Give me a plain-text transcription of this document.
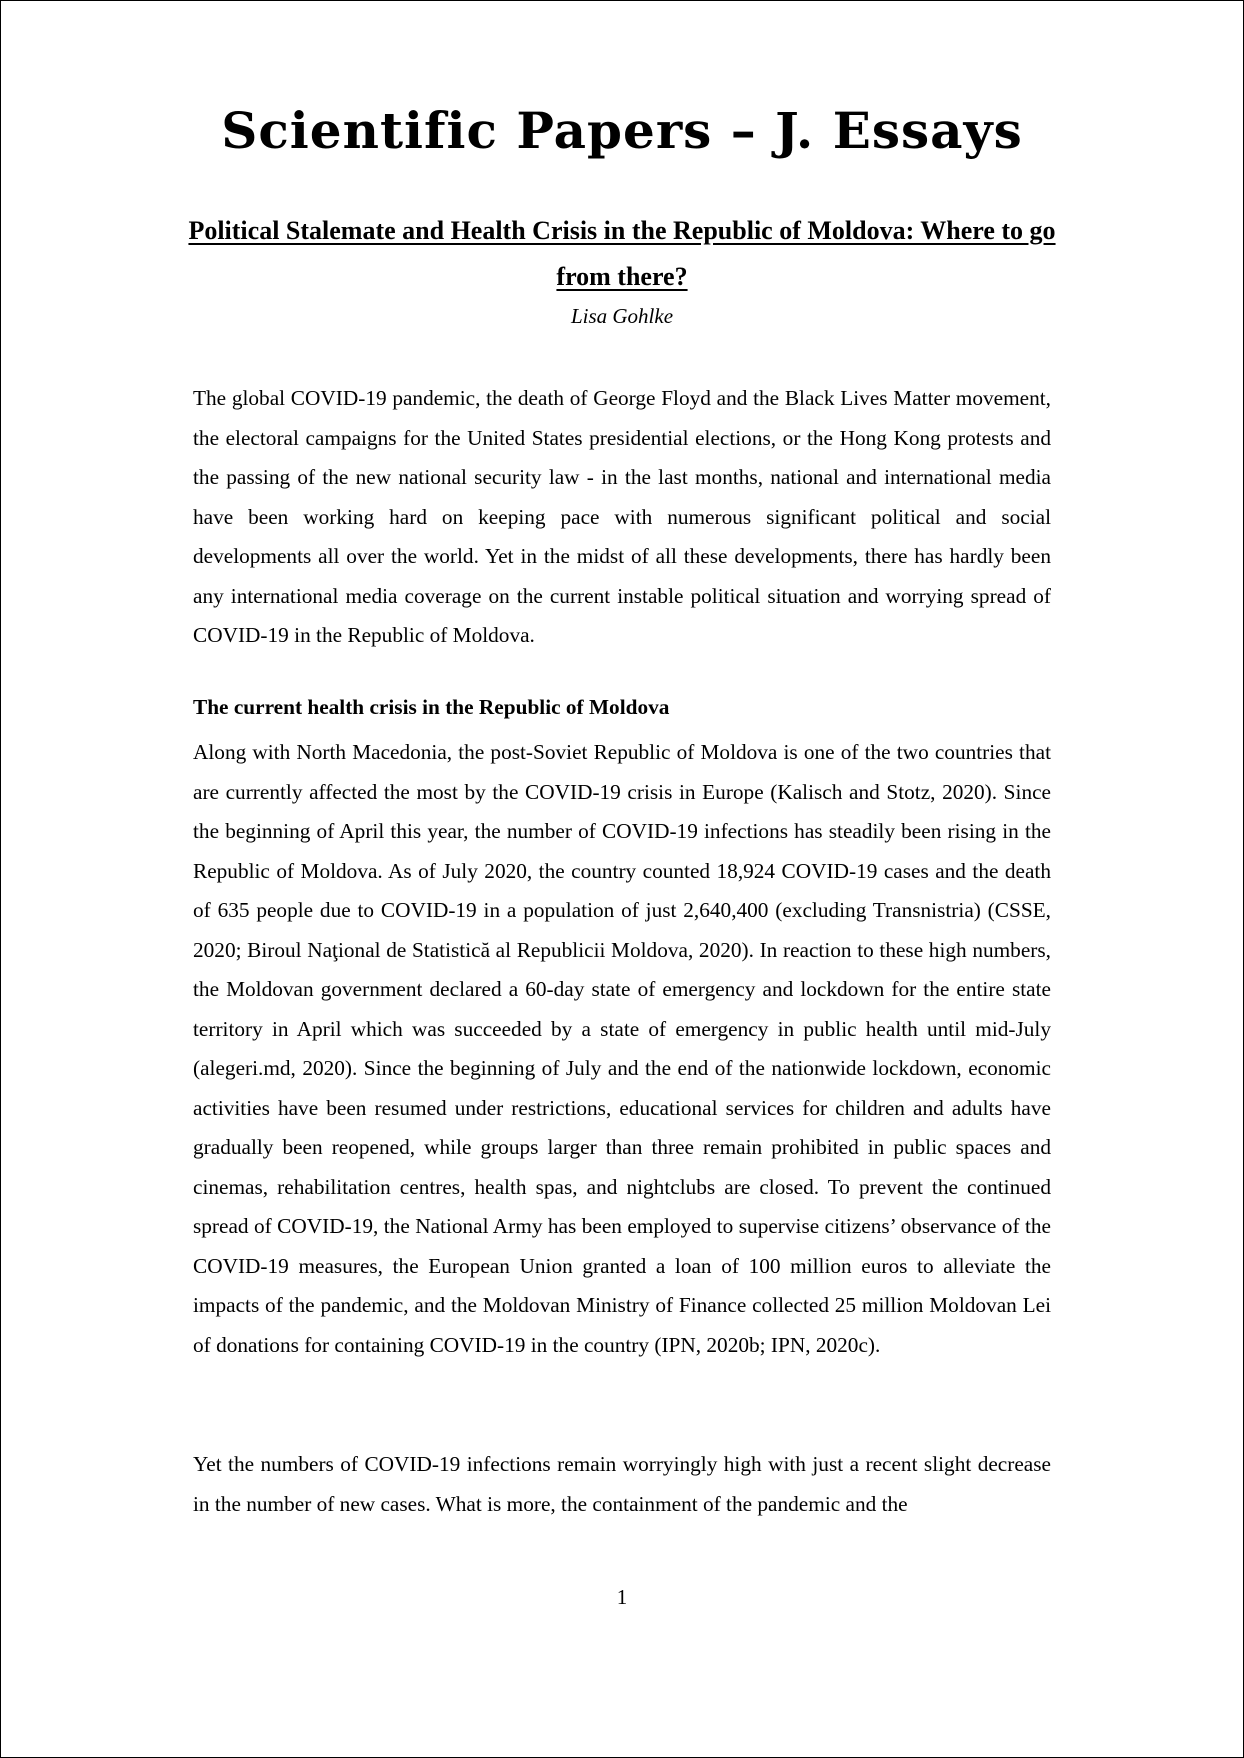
Scientific Papers – J. Essays
Political Stalemate and Health Crisis in the Republic of Moldova: Where to go from there?
Lisa Gohlke

The global COVID-19 pandemic, the death of George Floyd and the Black Lives Matter movement, the electoral campaigns for the United States presidential elections, or the Hong Kong protests and the passing of the new national security law - in the last months, national and international media have been working hard on keeping pace with numerous significant political and social developments all over the world. Yet in the midst of all these developments, there has hardly been any international media coverage on the current instable political situation and worrying spread of COVID-19 in the Republic of Moldova.

The current health crisis in the Republic of Moldova

Along with North Macedonia, the post-Soviet Republic of Moldova is one of the two countries that are currently affected the most by the COVID-19 crisis in Europe (Kalisch and Stotz, 2020). Since the beginning of April this year, the number of COVID-19 infections has steadily been rising in the Republic of Moldova. As of July 2020, the country counted 18,924 COVID-19 cases and the death of 635 people due to COVID-19 in a population of just 2,640,400 (excluding Transnistria) (CSSE, 2020; Biroul Naţional de Statistică al Republicii Moldova, 2020). In reaction to these high numbers, the Moldovan government declared a 60-day state of emergency and lockdown for the entire state territory in April which was succeeded by a state of emergency in public health until mid-July (alegeri.md, 2020). Since the beginning of July and the end of the nationwide lockdown, economic activities have been resumed under restrictions, educational services for children and adults have gradually been reopened, while groups larger than three remain prohibited in public spaces and cinemas, rehabilitation centres, health spas, and nightclubs are closed. To prevent the continued spread of COVID-19, the National Army has been employed to supervise citizens’ observance of the COVID-19 measures, the European Union granted a loan of 100 million euros to alleviate the impacts of the pandemic, and the Moldovan Ministry of Finance collected 25 million Moldovan Lei of donations for containing COVID-19 in the country (IPN, 2020b; IPN, 2020c).

Yet the numbers of COVID-19 infections remain worryingly high with just a recent slight decrease in the number of new cases. What is more, the containment of the pandemic and the

1
